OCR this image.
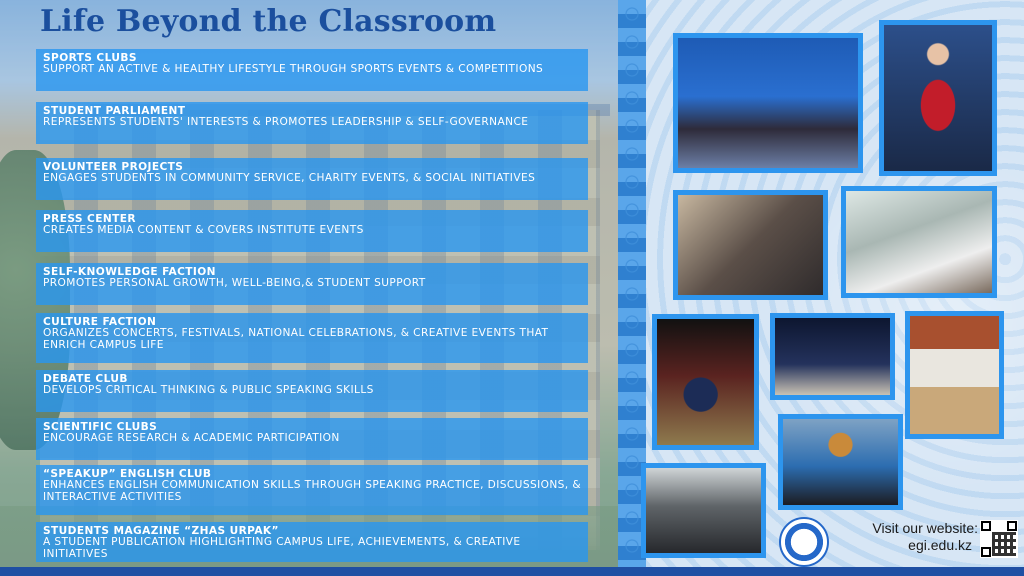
Life Beyond the Classroom
SPORTS CLUBS
SUPPORT AN ACTIVE & HEALTHY LIFESTYLE THROUGH SPORTS EVENTS & COMPETITIONS
STUDENT PARLIAMENT
REPRESENTS STUDENTS' INTERESTS & PROMOTES LEADERSHIP & SELF-GOVERNANCE
VOLUNTEER PROJECTS
ENGAGES STUDENTS IN COMMUNITY SERVICE, CHARITY EVENTS, & SOCIAL INITIATIVES
PRESS CENTER
CREATES MEDIA CONTENT & COVERS INSTITUTE EVENTS
SELF-KNOWLEDGE FACTION
PROMOTES PERSONAL GROWTH, WELL-BEING,& STUDENT SUPPORT
CULTURE FACTION
ORGANIZES CONCERTS, FESTIVALS, NATIONAL CELEBRATIONS, & CREATIVE EVENTS THAT ENRICH CAMPUS LIFE
DEBATE CLUB
DEVELOPS CRITICAL THINKING & PUBLIC SPEAKING SKILLS
SCIENTIFIC CLUBS
ENCOURAGE RESEARCH & ACADEMIC PARTICIPATION
“SPEAKUP” ENGLISH CLUB
ENHANCES ENGLISH COMMUNICATION SKILLS THROUGH SPEAKING PRACTICE, DISCUSSIONS, & INTERACTIVE ACTIVITIES
STUDENTS MAGAZINE “ZHAS URPAK”
A STUDENT PUBLICATION HIGHLIGHTING CAMPUS LIFE, ACHIEVEMENTS, & CREATIVE INITIATIVES
Visit our website:
egi.edu.kz
